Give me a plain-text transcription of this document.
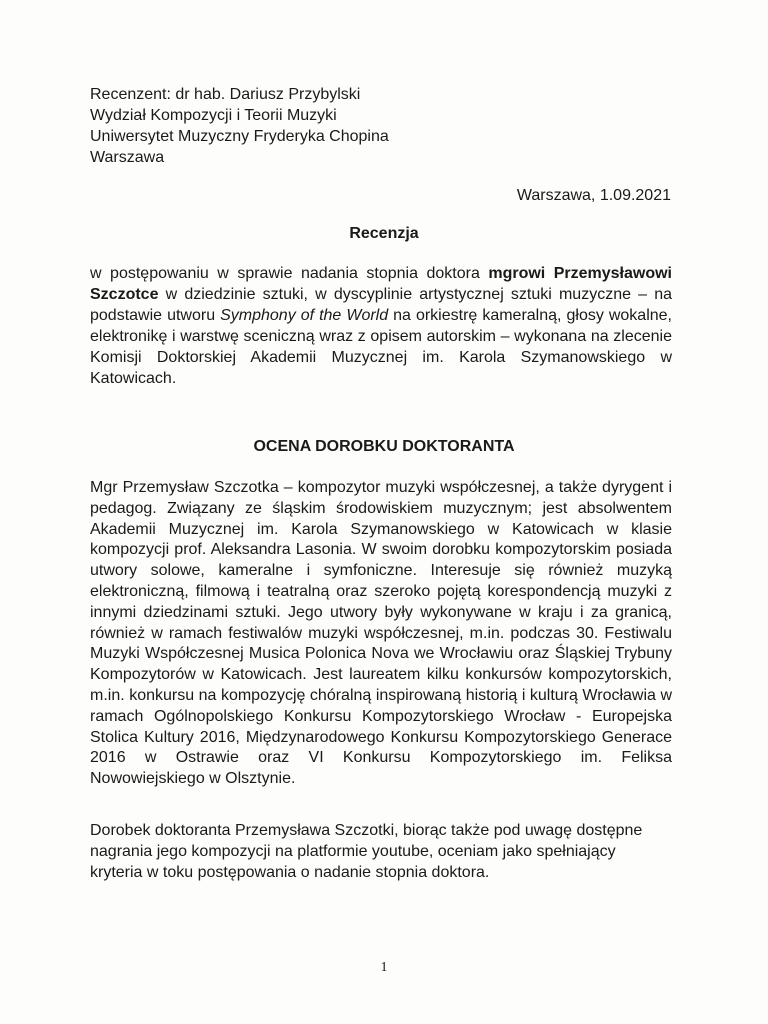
Recenzent: dr hab. Dariusz Przybylski
Wydział Kompozycji i Teorii Muzyki
Uniwersytet Muzyczny Fryderyka Chopina
Warszawa
Warszawa, 1.09.2021
Recenzja

w postępowaniu w sprawie nadania stopnia doktora mgrowi Przemysławowi Szczotce w dziedzinie sztuki, w dyscyplinie artystycznej sztuki muzyczne – na podstawie utworu Symphony of the World na orkiestrę kameralną, głosy wokalne, elektronikę i warstwę sceniczną wraz z opisem autorskim – wykonana na zlecenie Komisji Doktorskiej Akademii Muzycznej im. Karola Szymanowskiego w Katowicach.

OCENA DOROBKU DOKTORANTA

Mgr Przemysław Szczotka – kompozytor muzyki współczesnej, a także dyrygent i pedagog. Związany ze śląskim środowiskiem muzycznym; jest absolwentem Akademii Muzycznej im. Karola Szymanowskiego w Katowicach w klasie kompozycji prof. Aleksandra Lasonia. W swoim dorobku kompozytorskim posiada utwory solowe, kameralne i symfoniczne. Interesuje się również muzyką elektroniczną, filmową i teatralną oraz szeroko pojętą korespondencją muzyki z innymi dziedzinami sztuki. Jego utwory były wykonywane w kraju i za granicą, również w ramach festiwalów muzyki współczesnej, m.in. podczas 30. Festiwalu Muzyki Współczesnej Musica Polonica Nova we Wrocławiu oraz Śląskiej Trybuny Kompozytorów w Katowicach. Jest laureatem kilku konkursów kompozytorskich, m.in. konkursu na kompozycję chóralną inspirowaną historią i kulturą Wrocławia w ramach Ogólnopolskiego Konkursu Kompozytorskiego Wrocław - Europejska Stolica Kultury 2016, Międzynarodowego Konkursu Kompozytorskiego Generace 2016 w Ostrawie oraz VI Konkursu Kompozytorskiego im. Feliksa Nowowiejskiego w Olsztynie.

Dorobek doktoranta Przemysława Szczotki, biorąc także pod uwagę dostępne nagrania jego kompozycji na platformie youtube, oceniam jako spełniający kryteria w toku postępowania o nadanie stopnia doktora.

1
